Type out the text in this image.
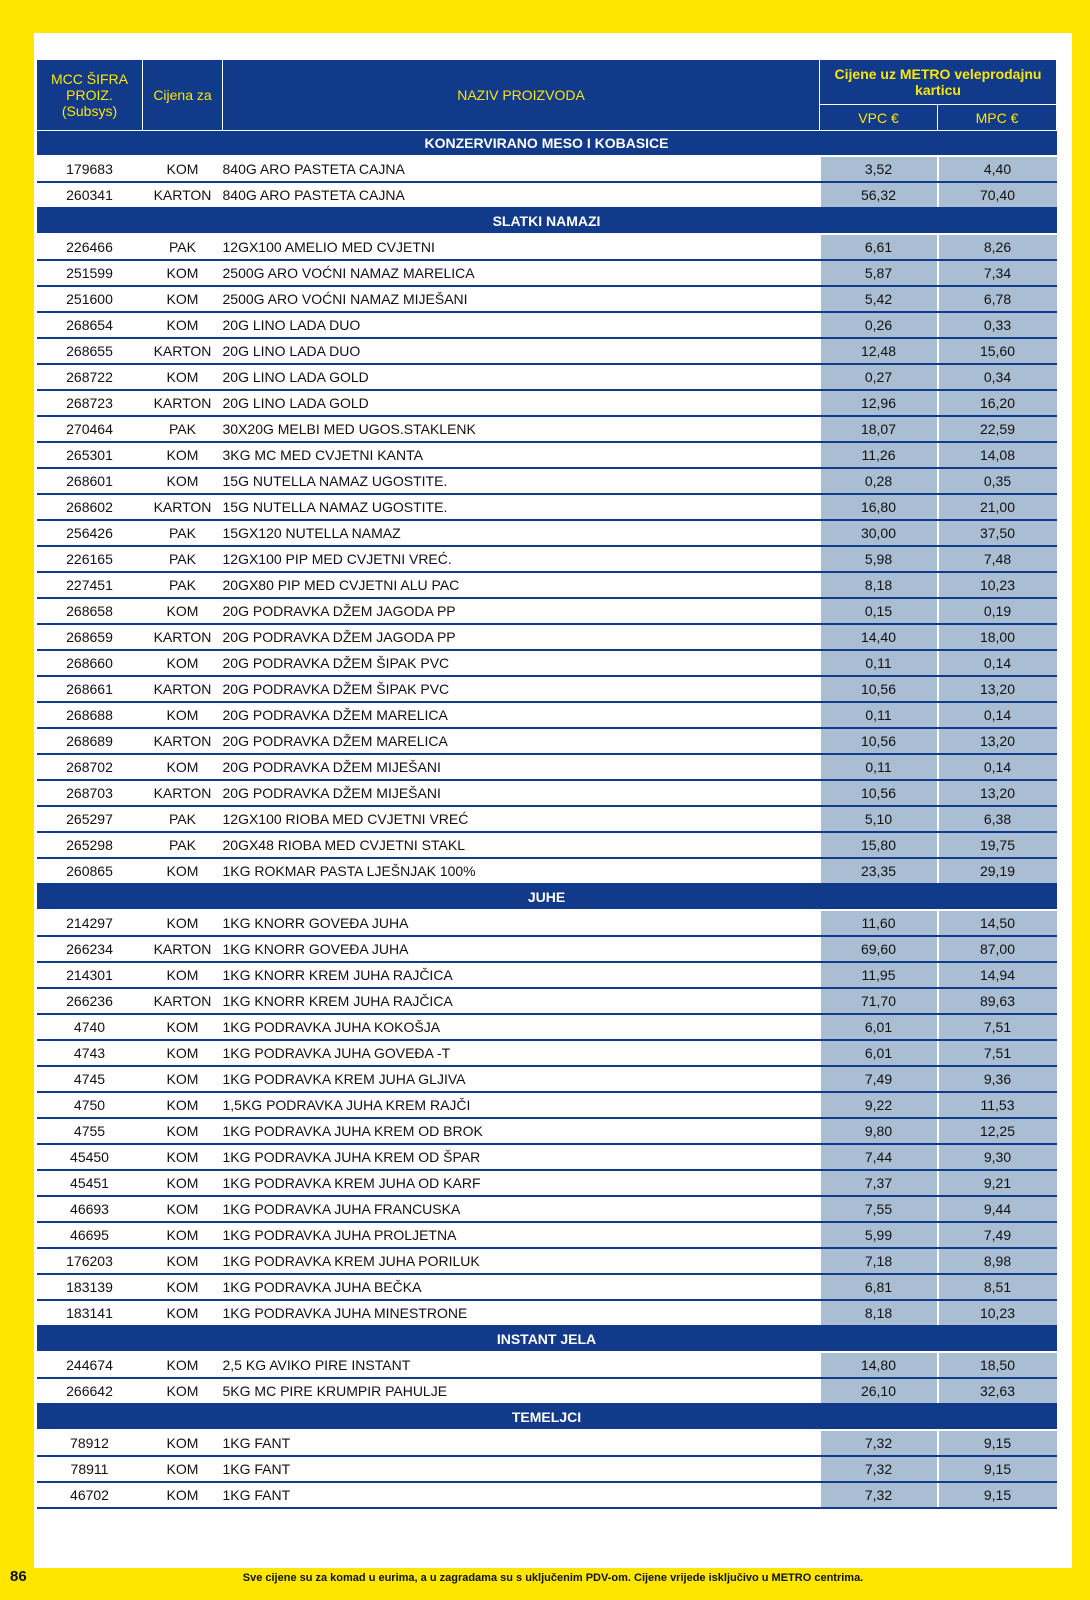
MCC ŠIFRA PROIZ. (Subsys)	Cijena za	NAZIV PROIZVODA	Cijene uz METRO veleprodajnu karticu	
			VPC €	MPC €
KONZERVIRANO MESO I KOBASICE				
179683	KOM	840G ARO PASTETA CAJNA	3,52	4,40
260341	KARTON	840G ARO PASTETA CAJNA	56,32	70,40
SLATKI NAMAZI				
226466	PAK	12GX100 AMELIO MED CVJETNI	6,61	8,26
251599	KOM	2500G ARO VOĆNI NAMAZ MARELICA	5,87	7,34
251600	KOM	2500G ARO VOĆNI NAMAZ MIJEŠANI	5,42	6,78
268654	KOM	20G LINO LADA DUO	0,26	0,33
268655	KARTON	20G LINO LADA DUO	12,48	15,60
268722	KOM	20G LINO LADA GOLD	0,27	0,34
268723	KARTON	20G LINO LADA GOLD	12,96	16,20
270464	PAK	30X20G MELBI MED UGOS.STAKLENK	18,07	22,59
265301	KOM	3KG MC MED CVJETNI KANTA	11,26	14,08
268601	KOM	15G NUTELLA NAMAZ UGOSTITE.	0,28	0,35
268602	KARTON	15G NUTELLA NAMAZ UGOSTITE.	16,80	21,00
256426	PAK	15GX120 NUTELLA NAMAZ	30,00	37,50
226165	PAK	12GX100 PIP MED CVJETNI VREĆ.	5,98	7,48
227451	PAK	20GX80 PIP MED CVJETNI ALU PAC	8,18	10,23
268658	KOM	20G PODRAVKA DŽEM JAGODA PP	0,15	0,19
268659	KARTON	20G PODRAVKA DŽEM JAGODA PP	14,40	18,00
268660	KOM	20G PODRAVKA DŽEM ŠIPAK PVC	0,11	0,14
268661	KARTON	20G PODRAVKA DŽEM ŠIPAK PVC	10,56	13,20
268688	KOM	20G PODRAVKA DŽEM MARELICA	0,11	0,14
268689	KARTON	20G PODRAVKA DŽEM MARELICA	10,56	13,20
268702	KOM	20G PODRAVKA DŽEM MIJEŠANI	0,11	0,14
268703	KARTON	20G PODRAVKA DŽEM MIJEŠANI	10,56	13,20
265297	PAK	12GX100 RIOBA MED CVJETNI VREĆ	5,10	6,38
265298	PAK	20GX48 RIOBA MED CVJETNI STAKL	15,80	19,75
260865	KOM	1KG ROKMAR PASTA LJEŠNJAK 100%	23,35	29,19
JUHE				
214297	KOM	1KG KNORR GOVEĐA JUHA	11,60	14,50
266234	KARTON	1KG KNORR GOVEĐA JUHA	69,60	87,00
214301	KOM	1KG KNORR KREM JUHA RAJČICA	11,95	14,94
266236	KARTON	1KG KNORR KREM JUHA RAJČICA	71,70	89,63
4740	KOM	1KG PODRAVKA JUHA KOKOŠJA	6,01	7,51
4743	KOM	1KG PODRAVKA JUHA GOVEĐA -T	6,01	7,51
4745	KOM	1KG PODRAVKA KREM JUHA GLJIVA	7,49	9,36
4750	KOM	1,5KG PODRAVKA JUHA KREM RAJČI	9,22	11,53
4755	KOM	1KG PODRAVKA JUHA KREM OD BROK	9,80	12,25
45450	KOM	1KG PODRAVKA JUHA KREM OD ŠPAR	7,44	9,30
45451	KOM	1KG PODRAVKA KREM JUHA OD KARF	7,37	9,21
46693	KOM	1KG PODRAVKA JUHA FRANCUSKA	7,55	9,44
46695	KOM	1KG PODRAVKA JUHA PROLJETNA	5,99	7,49
176203	KOM	1KG PODRAVKA KREM JUHA PORILUK	7,18	8,98
183139	KOM	1KG PODRAVKA JUHA BEČKA	6,81	8,51
183141	KOM	1KG PODRAVKA JUHA MINESTRONE	8,18	10,23
INSTANT JELA				
244674	KOM	2,5 KG AVIKO PIRE INSTANT	14,80	18,50
266642	KOM	5KG MC PIRE KRUMPIR PAHULJE	26,10	32,63
TEMELJCI				
78912	KOM	1KG FANT	7,32	9,15
78911	KOM	1KG FANT	7,32	9,15
46702	KOM	1KG FANT	7,32	9,15
86	Sve cijene su za komad u eurima, a u zagradama su s uključenim PDV-om. Cijene vrijede isključivo u METRO centrima.
